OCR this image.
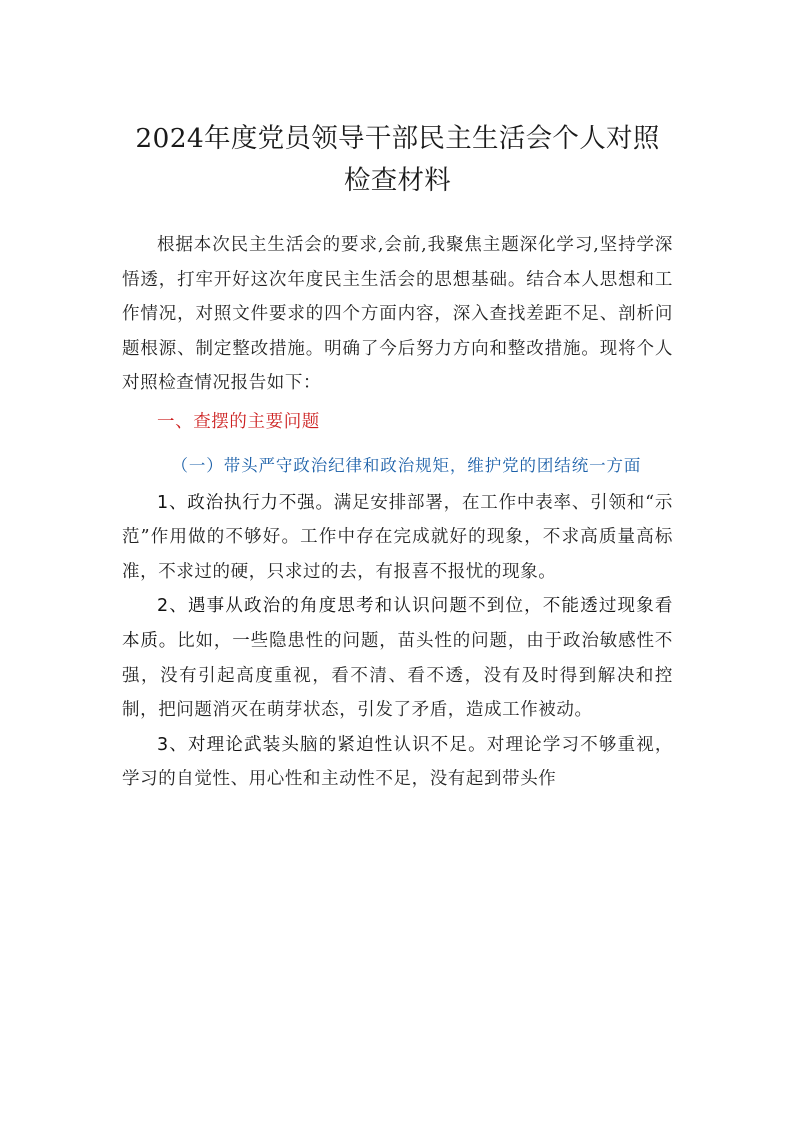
2024年度党员领导干部民主生活会个人对照
检查材料

根据本次民主生活会的要求,会前,我聚焦主题深化学习,坚持学深悟透，打牢开好这次年度民主生活会的思想基础。结合本人思想和工作情况，对照文件要求的四个方面内容，深入查找差距不足、剖析问题根源、制定整改措施。明确了今后努力方向和整改措施。现将个人对照检查情况报告如下：

一、查摆的主要问题

（一）带头严守政治纪律和政治规矩，维护党的团结统一方面

1、政治执行力不强。满足安排部署，在工作中表率、引领和“示范”作用做的不够好。工作中存在完成就好的现象，不求高质量高标准，不求过的硬，只求过的去，有报喜不报忧的现象。

2、遇事从政治的角度思考和认识问题不到位，不能透过现象看本质。比如，一些隐患性的问题，苗头性的问题，由于政治敏感性不强，没有引起高度重视，看不清、看不透，没有及时得到解决和控制，把问题消灭在萌芽状态，引发了矛盾，造成工作被动。

3、对理论武装头脑的紧迫性认识不足。对理论学习不够重视，学习的自觉性、用心性和主动性不足，没有起到带头作
